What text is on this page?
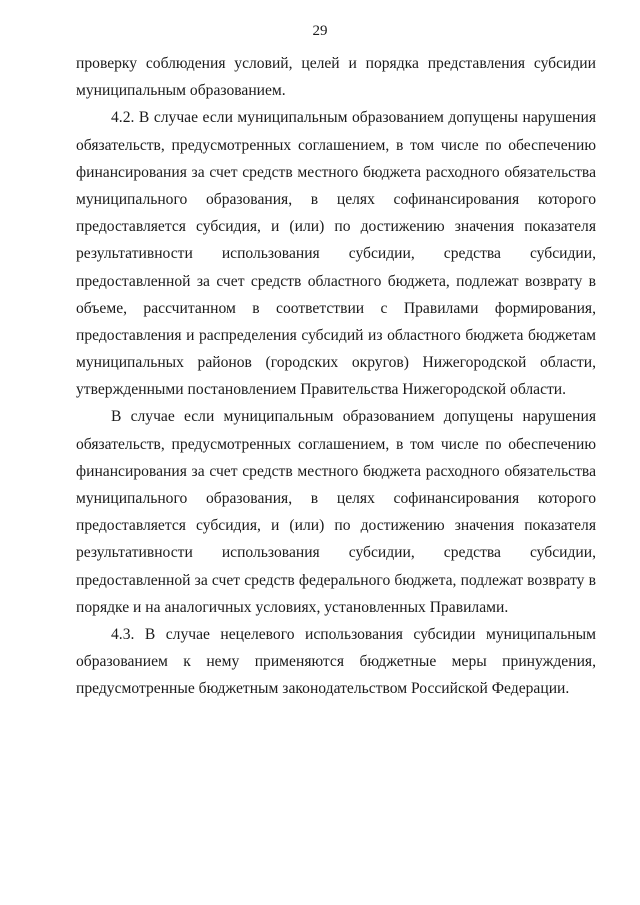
29
проверку соблюдения условий, целей и порядка представления субсидии
муниципальным образованием.
4.2. В случае если муниципальным образованием допущены нарушения
обязательств, предусмотренных соглашением, в том числе по обеспечению
финансирования за счет средств местного бюджета расходного обязательства
муниципального образования, в целях софинансирования которого
предоставляется субсидия, и (или) по достижению значения показателя
результативности использования субсидии, средства субсидии,
предоставленной за счет средств областного бюджета, подлежат возврату в
объеме, рассчитанном в соответствии с Правилами формирования,
предоставления и распределения субсидий из областного бюджета бюджетам
муниципальных районов (городских округов) Нижегородской области,
утвержденными постановлением Правительства Нижегородской области.
В случае если муниципальным образованием допущены нарушения
обязательств, предусмотренных соглашением, в том числе по обеспечению
финансирования за счет средств местного бюджета расходного обязательства
муниципального образования, в целях софинансирования которого
предоставляется субсидия, и (или) по достижению значения показателя
результативности использования субсидии, средства субсидии,
предоставленной за счет средств федерального бюджета, подлежат возврату в
порядке и на аналогичных условиях, установленных Правилами.
4.3. В случае нецелевого использования субсидии муниципальным
образованием к нему применяются бюджетные меры принуждения,
предусмотренные бюджетным законодательством Российской Федерации.
